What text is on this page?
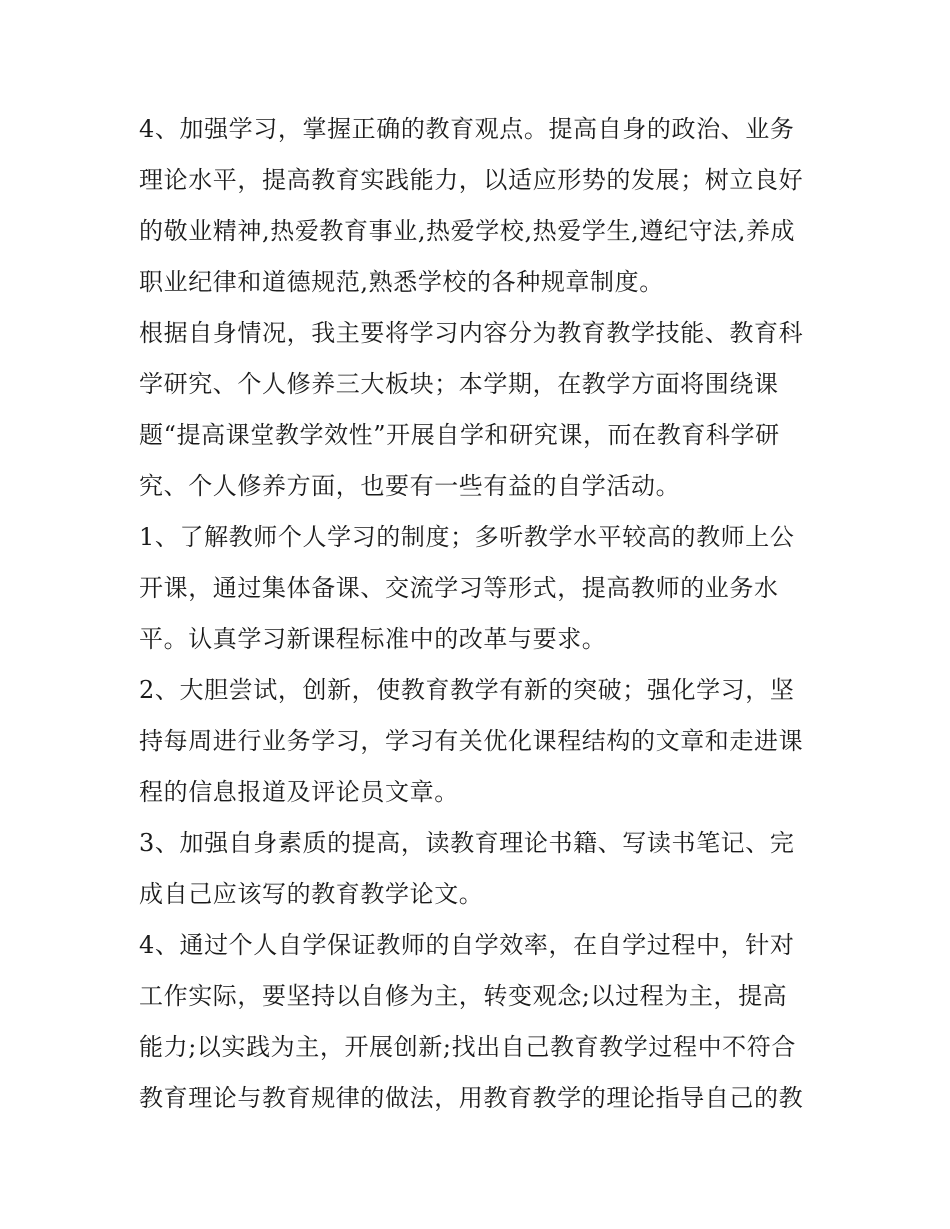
4、加强学习，掌握正确的教育观点。提高自身的政治、业务
理论水平，提高教育实践能力，以适应形势的发展；树立良好
的敬业精神,热爱教育事业,热爱学校,热爱学生,遵纪守法,养成
职业纪律和道德规范,熟悉学校的各种规章制度。
根据自身情况，我主要将学习内容分为教育教学技能、教育科
学研究、个人修养三大板块；本学期，在教学方面将围绕课
题“提高课堂教学效性”开展自学和研究课，而在教育科学研
究、个人修养方面，也要有一些有益的自学活动。
1、了解教师个人学习的制度；多听教学水平较高的教师上公
开课，通过集体备课、交流学习等形式，提高教师的业务水
平。认真学习新课程标准中的改革与要求。
2、大胆尝试，创新，使教育教学有新的突破；强化学习，坚
持每周进行业务学习，学习有关优化课程结构的文章和走进课
程的信息报道及评论员文章。
3、加强自身素质的提高，读教育理论书籍、写读书笔记、完
成自己应该写的教育教学论文。
4、通过个人自学保证教师的自学效率，在自学过程中，针对
工作实际，要坚持以自修为主，转变观念;以过程为主，提高
能力;以实践为主，开展创新;找出自己教育教学过程中不符合
教育理论与教育规律的做法，用教育教学的理论指导自己的教
